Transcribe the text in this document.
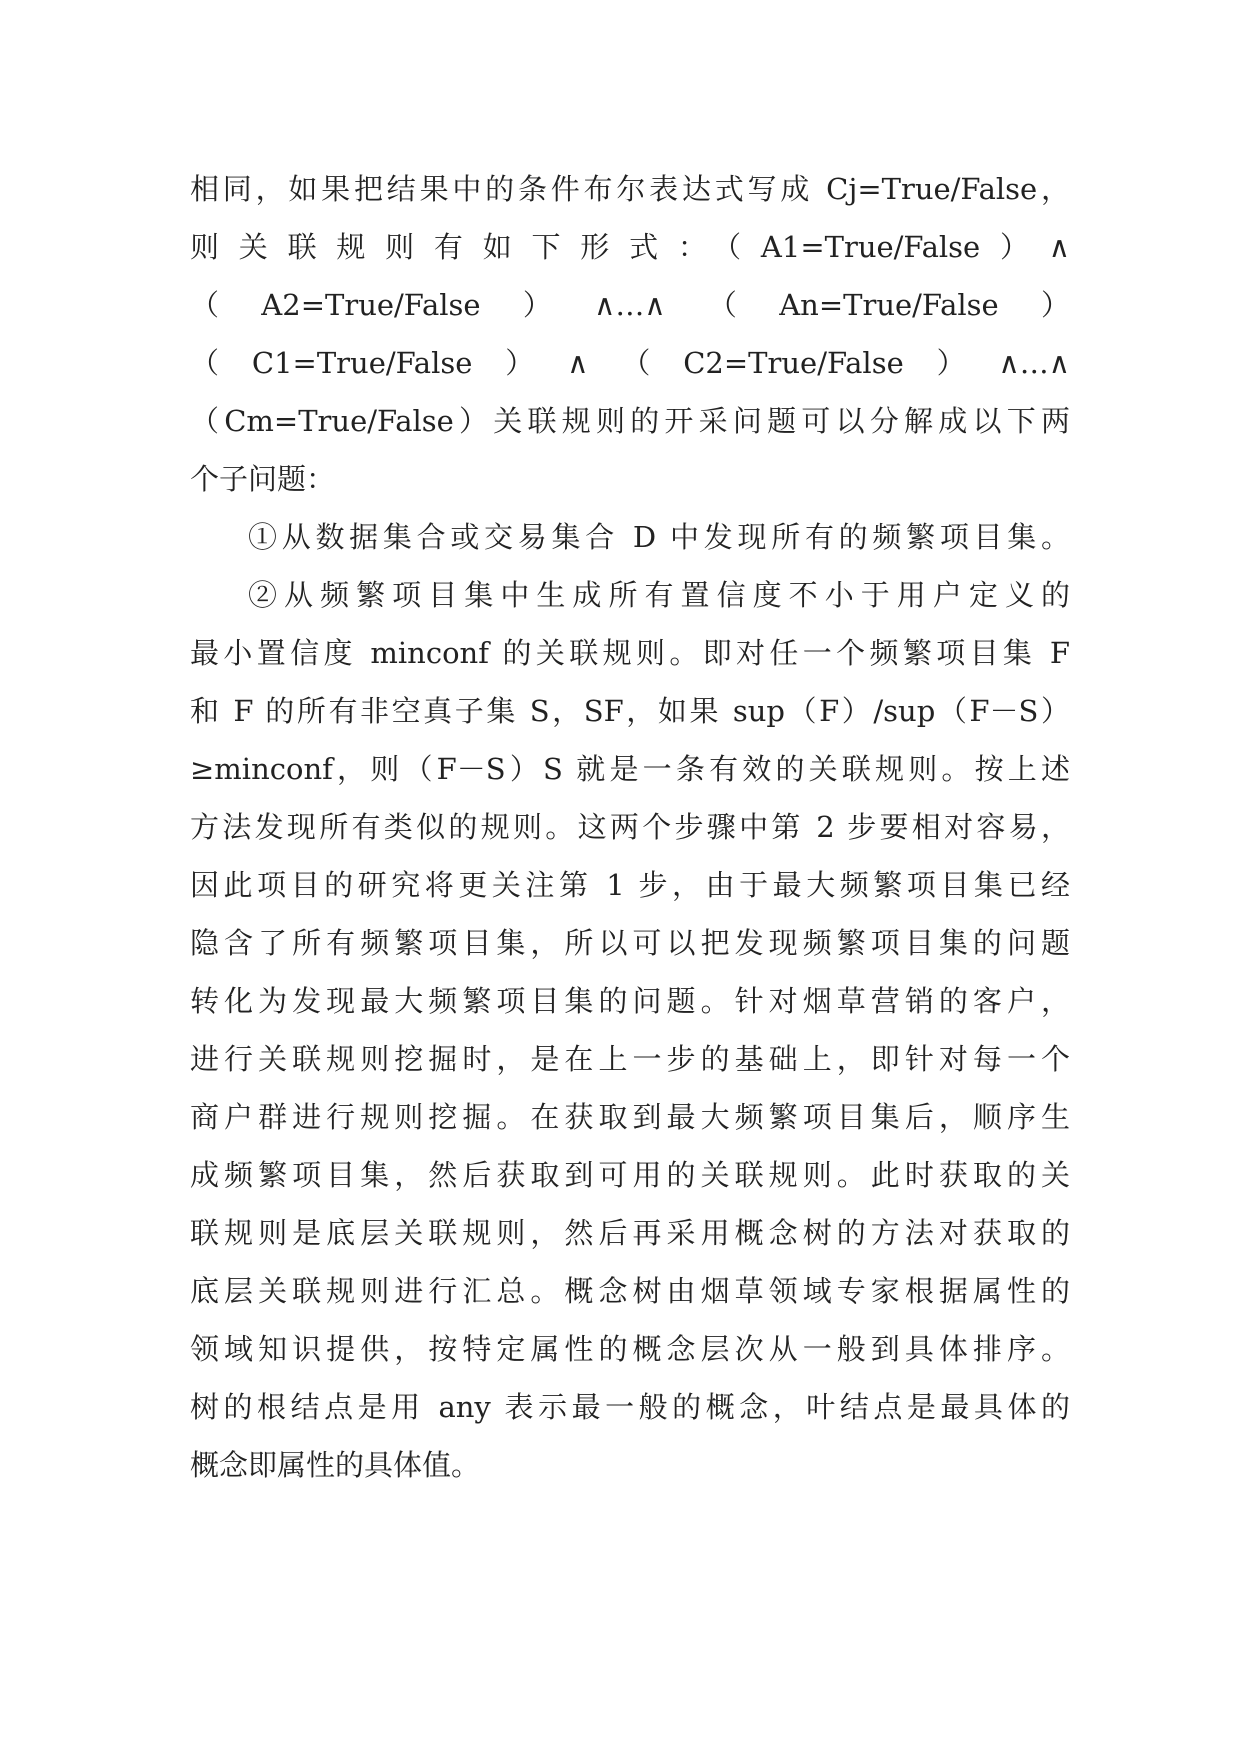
相同，如果把结果中的条件布尔表达式写成 Cj=True/False，
则关联规则有如下形式：（A1=True/False）∧
（A2=True/False）∧…∧（An=True/False）
（C1=True/False）∧（C2=True/False）∧…∧
（Cm=True/False）关联规则的开采问题可以分解成以下两
个子问题：
①从数据集合或交易集合 D 中发现所有的频繁项目集。
②从频繁项目集中生成所有置信度不小于用户定义的
最小置信度 minconf 的关联规则。即对任一个频繁项目集 F
和 F 的所有非空真子集 S，SF，如果 sup（F）/sup（F－S）
≥minconf，则（F－S）S 就是一条有效的关联规则。按上述
方法发现所有类似的规则。这两个步骤中第 2 步要相对容易，
因此项目的研究将更关注第 1 步，由于最大频繁项目集已经
隐含了所有频繁项目集，所以可以把发现频繁项目集的问题
转化为发现最大频繁项目集的问题。针对烟草营销的客户，
进行关联规则挖掘时，是在上一步的基础上，即针对每一个
商户群进行规则挖掘。在获取到最大频繁项目集后，顺序生
成频繁项目集，然后获取到可用的关联规则。此时获取的关
联规则是底层关联规则，然后再采用概念树的方法对获取的
底层关联规则进行汇总。概念树由烟草领域专家根据属性的
领域知识提供，按特定属性的概念层次从一般到具体排序。
树的根结点是用 any 表示最一般的概念，叶结点是最具体的
概念即属性的具体值。
